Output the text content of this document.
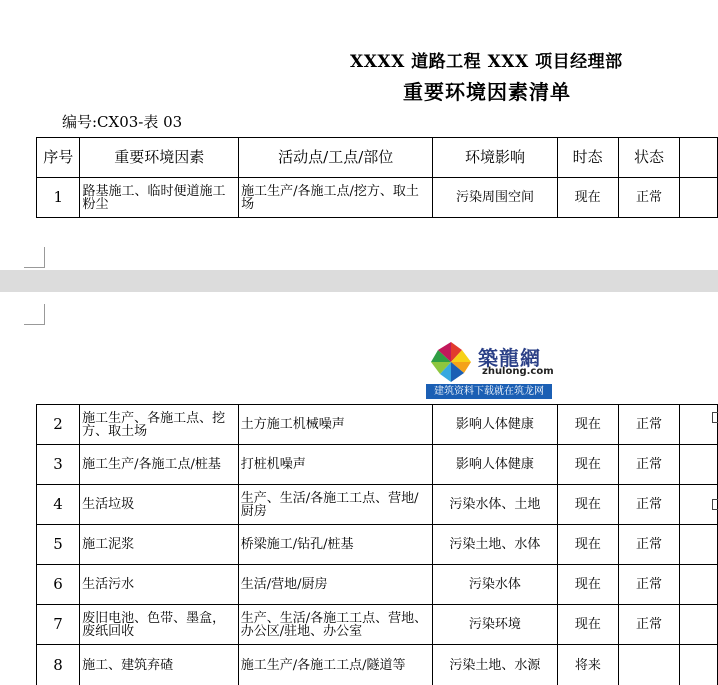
XXXX 道路工程 XXX 项目经理部
重要环境因素清单
编号:CX03-表 03
序号	重要环境因素	活动点/工点/部位	环境影响	时态	状态	
1	路基施工、临时便道施工粉尘	施工生产/各施工点/挖方、取土场	污染周围空间	现在	正常	
築龍網
zhulong.com
建筑资料下载就在筑龙网
2	施工生产、各施工点、挖方、取土场	土方施工机械噪声	影响人体健康	现在	正常	
3	施工生产/各施工点/桩基	打桩机噪声	影响人体健康	现在	正常	
4	生活垃圾	生产、生活/各施工工点、营地/厨房	污染水体、土地	现在	正常	
5	施工泥浆	桥梁施工/钻孔/桩基	污染土地、水体	现在	正常	
6	生活污水	生活/营地/厨房	污染水体	现在	正常	
7	废旧电池、色带、墨盒，废纸回收	生产、生活/各施工工点、营地、办公区/驻地、办公室	污染环境	现在	正常	
8	施工、建筑弃碴	施工生产/各施工工点/隧道等	污染土地、水源	将来		
